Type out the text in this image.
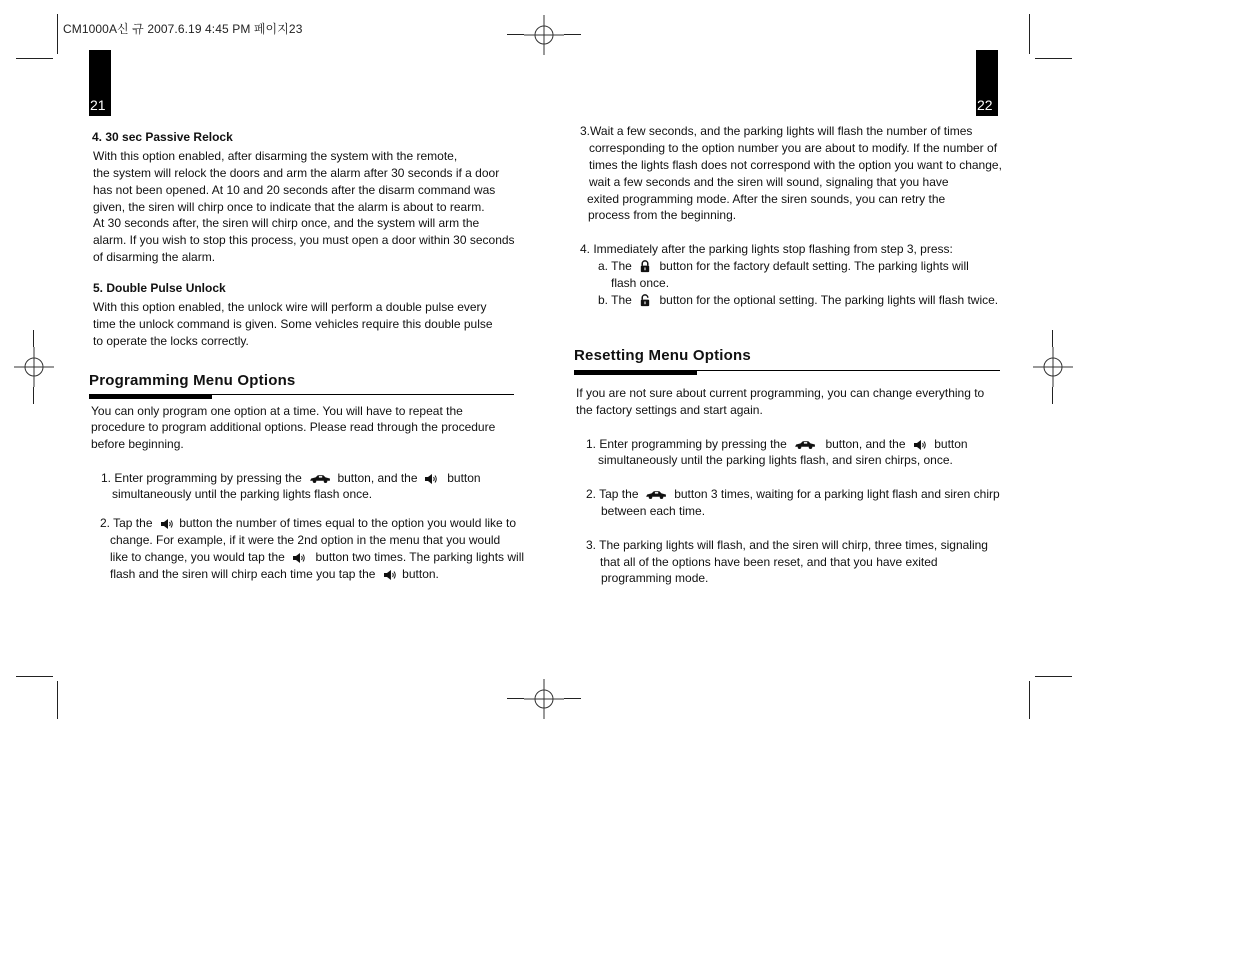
CM1000A신 규 2007.6.19 4:45 PM 페이지23
21	22
4. 30 sec Passive Relock
With this option enabled, after disarming the system with the remote,
the system will relock the doors and arm the alarm after 30 seconds if a door
has not been opened. At 10 and 20 seconds after the disarm command was
given, the siren will chirp once to indicate that the alarm is about to rearm.
At 30 seconds after, the siren will chirp once, and the system will arm the
alarm. If you wish to stop this process, you must open a door within 30 seconds
of disarming the alarm.
5. Double Pulse Unlock
With this option enabled, the unlock wire will perform a double pulse every
time the unlock command is given. Some vehicles require this double pulse
to operate the locks correctly.
Programming Menu Options
You can only program one option at a time. You will have to repeat the
procedure to program additional options. Please read through the procedure
before beginning.
1. Enter programming by pressing the	button, and the button
simultaneously until the parking lights flash once.
2. Tap the button the number of times equal to the option you would like to
change. For example, if it were the 2nd option in the menu that you would
like to change, you would tap the	button two times. The parking lights will
flash and the siren will chirp each time you tap the button.
3.Wait a few seconds, and the parking lights will flash the number of times
corresponding to the option number you are about to modify. If the number of
times the lights flash does not correspond with the option you want to change,
wait a few seconds and the siren will sound, signaling that you have
exited programming mode. After the siren sounds, you can retry the
process from the beginning.
4. Immediately after the parking lights stop flashing from step 3, press:
a. The button for the factory default setting. The parking lights will
flash once.
b. The button for the optional setting. The parking lights will flash twice.
Resetting Menu Options
If you are not sure about current programming, you can change everything to
the factory settings and start again.
1. Enter programming by pressing the	button, and the button
simultaneously until the parking lights flash, and siren chirps, once.
2. Tap the	button 3 times, waiting for a parking light flash and siren chirp
between each time.
3. The parking lights will flash, and the siren will chirp, three times, signaling
that all of the options have been reset, and that you have exited
programming mode.
